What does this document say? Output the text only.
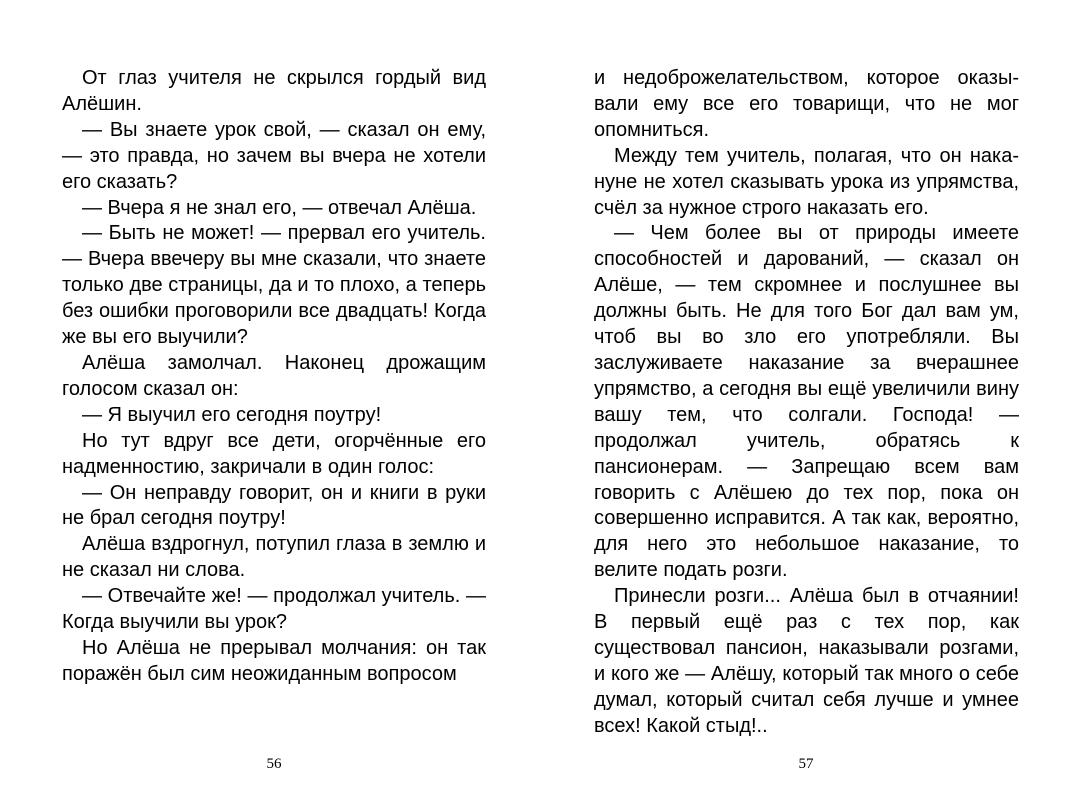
От глаз учителя не скрылся гордый вид Алёшин.

— Вы знаете урок свой, — сказал он ему, — это правда, но зачем вы вчера не хотели его сказать?

— Вчера я не знал его, — отвечал Алёша.

— Быть не может! — прервал его учитель. — Вчера ввечеру вы мне сказали, что знаете только две страницы, да и то плохо, а теперь без ошибки проговорили все двадцать! Когда же вы его выучили?

Алёша замолчал. Наконец дрожащим голосом сказал он:

— Я выучил его сегодня поутру!

Но тут вдруг все дети, огорчённые его надменностию, закричали в один голос:

— Он неправду говорит, он и книги в руки не брал сегодня поутру!

Алёша вздрогнул, потупил глаза в землю и не сказал ни слова.

— Отвечайте же! — продолжал учитель. — Когда выучили вы урок?

Но Алёша не прерывал молчания: он так поражён был сим неожиданным вопросом

56

и недоброжелательством, которое оказывали ему все его товарищи, что не мог опомниться.

Между тем учитель, полагая, что он накануне не хотел сказывать урока из упрямства, счёл за нужное строго наказать его.

— Чем более вы от природы имеете способностей и дарований, — сказал он Алёше, — тем скромнее и послушнее вы должны быть. Не для того Бог дал вам ум, чтоб вы во зло его употребляли. Вы заслуживаете наказание за вчерашнее упрямство, а сегодня вы ещё увеличили вину вашу тем, что солгали. Господа! — продолжал учитель, обратясь к пансионерам. — Запрещаю всем вам говорить с Алёшею до тех пор, пока он совершенно исправится. А так как, вероятно, для него это небольшое наказание, то велите подать розги.

Принесли розги... Алёша был в отчаянии! В первый ещё раз с тех пор, как существовал пансион, наказывали розгами, и кого же — Алёшу, который так много о себе думал, который считал себя лучше и умнее всех! Какой стыд!..

57
